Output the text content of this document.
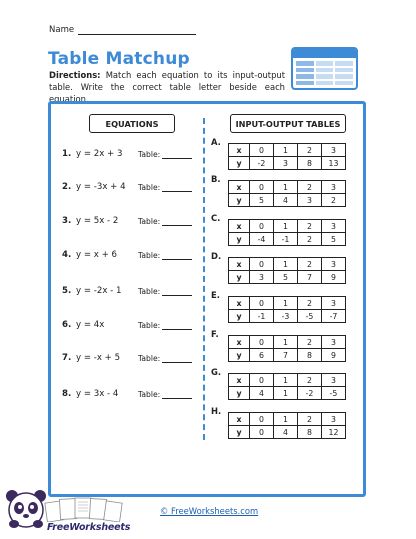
Name
Table Matchup
Directions: Match each equation to its input-output table. Write the correct table letter beside each equation.
EQUATIONS	INPUT-OUTPUT TABLES
1. y = 2x + 3	Table:
2. y = -3x + 4	Table:
3. y = 5x - 2	Table:
4. y = x + 6	Table:
5. y = -2x - 1	Table:
6. y = 4x	Table:
7. y = -x + 5	Table:
8. y = 3x - 4	Table:
A.
x	0	1	2	3
y	-2	3	8	13
B.
x	0	1	2	3
y	5	4	3	2
C.
x	0	1	2	3
y	-4	-1	2	5
D.
x	0	1	2	3
y	3	5	7	9
E.
x	0	1	2	3
y	-1	-3	-5	-7
F.
x	0	1	2	3
y	6	7	8	9
G.
x	0	1	2	3
y	4	1	-2	-5
H.
x	0	1	2	3
y	0	4	8	12
FreeWorksheets
© FreeWorksheets.com
